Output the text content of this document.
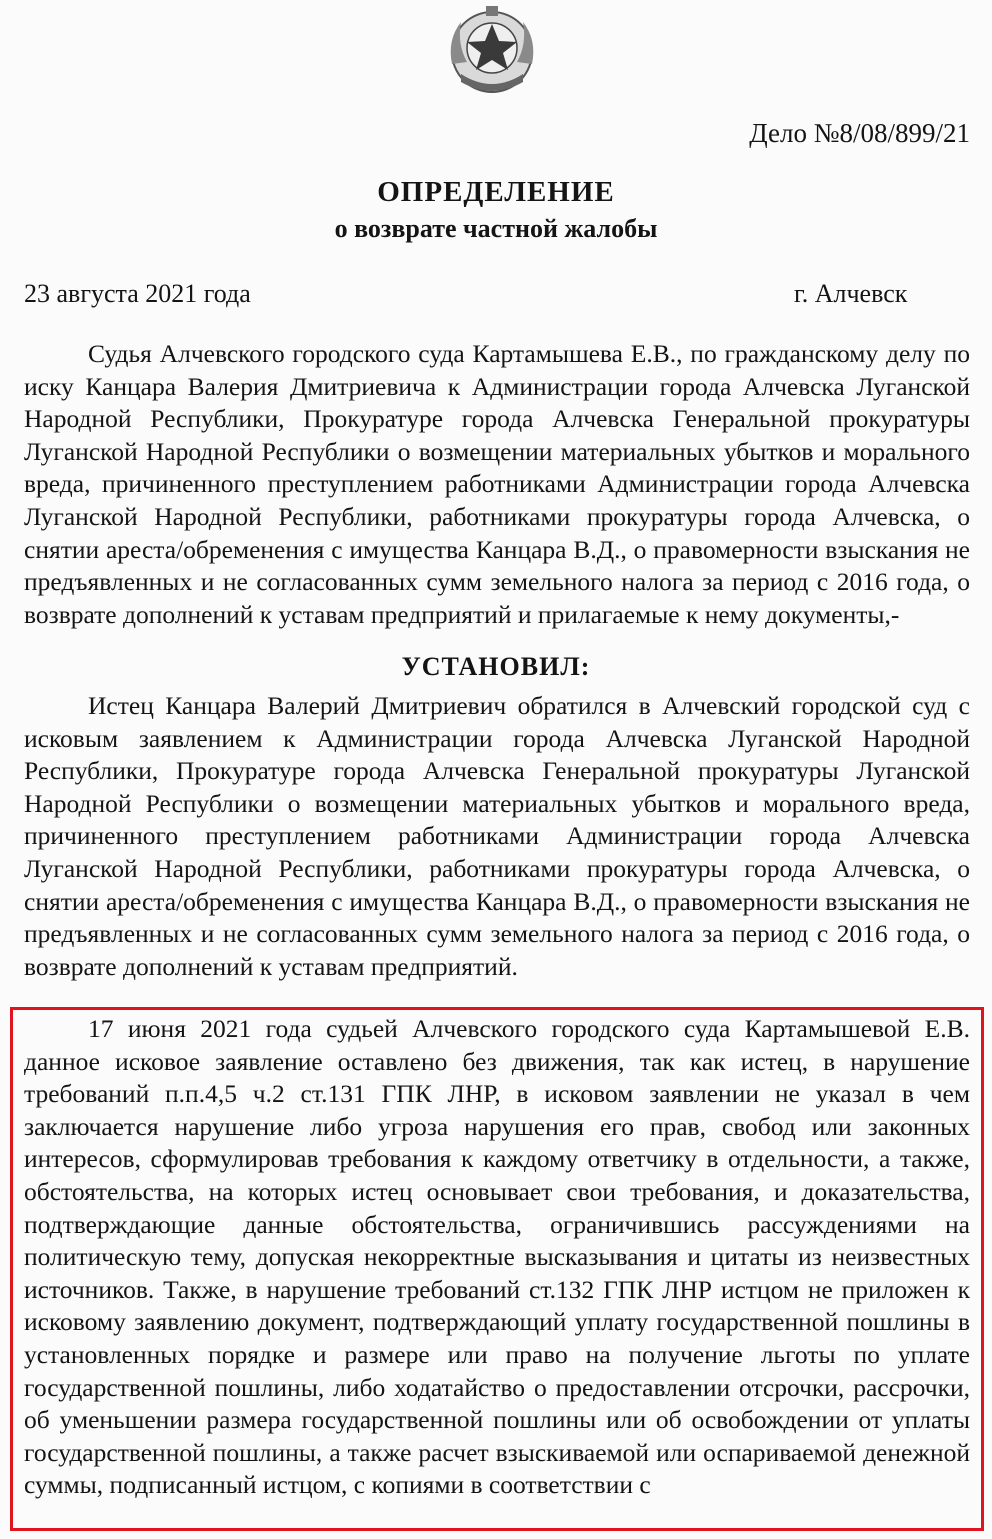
Дело №8/08/899/21
ОПРЕДЕЛЕНИЕ
о возврате частной жалобы
23 августа 2021 года	г. Алчевск

Судья Алчевского городского суда Картамышева Е.В., по гражданскому делу по иску Канцара Валерия Дмитриевича к Администрации города Алчевска Луганской Народной Республики, Прокуратуре города Алчевска Генеральной прокуратуры Луганской Народной Республики о возмещении материальных убытков и морального вреда, причиненного преступлением работниками Администрации города Алчевска Луганской Народной Республики, работниками прокуратуры города Алчевска, о снятии ареста/обременения с имущества Канцара В.Д., о правомерности взыскания не предъявленных и не согласованных сумм земельного налога за период с 2016 года, о возврате дополнений к уставам предприятий и прилагаемые к нему документы,-

УСТАНОВИЛ:

Истец Канцара Валерий Дмитриевич обратился в Алчевский городской суд с исковым заявлением к Администрации города Алчевска Луганской Народной Республики, Прокуратуре города Алчевска Генеральной прокуратуры Луганской Народной Республики о возмещении материальных убытков и морального вреда, причиненного преступлением работниками Администрации города Алчевска Луганской Народной Республики, работниками прокуратуры города Алчевска, о снятии ареста/обременения с имущества Канцара В.Д., о правомерности взыскания не предъявленных и не согласованных сумм земельного налога за период с 2016 года, о возврате дополнений к уставам предприятий.

17 июня 2021 года судьей Алчевского городского суда Картамышевой Е.В. данное исковое заявление оставлено без движения, так как истец, в нарушение требований п.п.4,5 ч.2 ст.131 ГПК ЛНР, в исковом заявлении не указал в чем заключается нарушение либо угроза нарушения его прав, свобод или законных интересов, сформулировав требования к каждому ответчику в отдельности, а также, обстоятельства, на которых истец основывает свои требования, и доказательства, подтверждающие данные обстоятельства, ограничившись рассуждениями на политическую тему, допуская некорректные высказывания и цитаты из неизвестных источников. Также, в нарушение требований ст.132 ГПК ЛНР истцом не приложен к исковому заявлению документ, подтверждающий уплату государственной пошлины в установленных порядке и размере или право на получение льготы по уплате государственной пошлины, либо ходатайство о предоставлении отсрочки, рассрочки, об уменьшении размера государственной пошлины или об освобождении от уплаты государственной пошлины, а также расчет взыскиваемой или оспариваемой денежной суммы, подписанный истцом, с копиями в соответствии с
